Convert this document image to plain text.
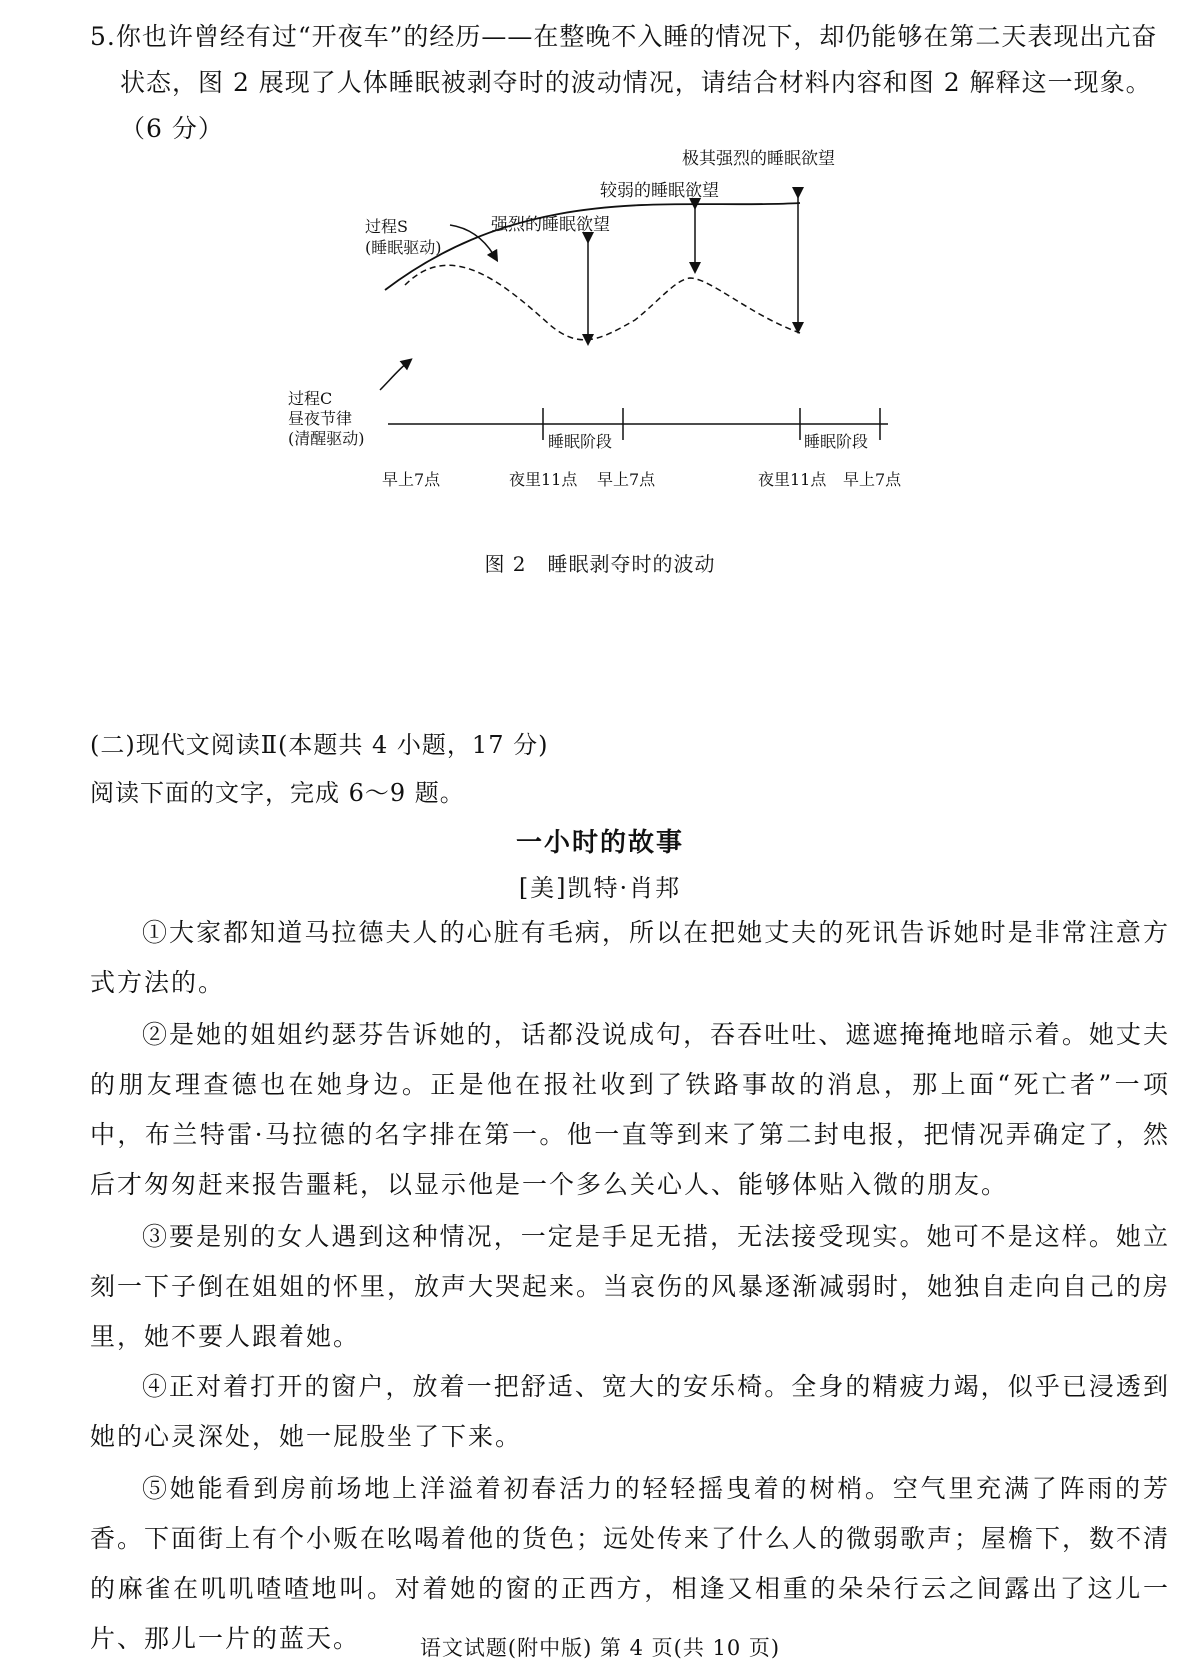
5.你也许曾经有过“开夜车”的经历——在整晚不入睡的情况下，却仍能够在第二天表现出亢奋
状态，图 2 展现了人体睡眠被剥夺时的波动情况，请结合材料内容和图 2 解释这一现象。
（6 分）
极其强烈的睡眠欲望
较弱的睡眠欲望
强烈的睡眠欲望
过程S
(睡眠驱动)
过程C
昼夜节律
(清醒驱动)	睡眠阶段	睡眠阶段
早上7点	夜里11点 早上7点	夜里11点 早上7点
图 2　睡眠剥夺时的波动
(二)现代文阅读Ⅱ(本题共 4 小题，17 分)
阅读下面的文字，完成 6～9 题。
一小时的故事
[美]凯特·肖邦

①大家都知道马拉德夫人的心脏有毛病，所以在把她丈夫的死讯告诉她时是非常注意方式方法的。

②是她的姐姐约瑟芬告诉她的，话都没说成句，吞吞吐吐、遮遮掩掩地暗示着。她丈夫的朋友理查德也在她身边。正是他在报社收到了铁路事故的消息，那上面“死亡者”一项中，布兰特雷·马拉德的名字排在第一。他一直等到来了第二封电报，把情况弄确定了，然后才匆匆赶来报告噩耗，以显示他是一个多么关心人、能够体贴入微的朋友。

③要是别的女人遇到这种情况，一定是手足无措，无法接受现实。她可不是这样。她立刻一下子倒在姐姐的怀里，放声大哭起来。当哀伤的风暴逐渐减弱时，她独自走向自己的房里，她不要人跟着她。

④正对着打开的窗户，放着一把舒适、宽大的安乐椅。全身的精疲力竭，似乎已浸透到她的心灵深处，她一屁股坐了下来。

⑤她能看到房前场地上洋溢着初春活力的轻轻摇曳着的树梢。空气里充满了阵雨的芳香。下面街上有个小贩在吆喝着他的货色；远处传来了什么人的微弱歌声；屋檐下，数不清的麻雀在叽叽喳喳地叫。对着她的窗的正西方，相逢又相重的朵朵行云之间露出了这儿一片、那儿一片的蓝天。	语文试题(附中版) 第 4 页(共 10 页)
